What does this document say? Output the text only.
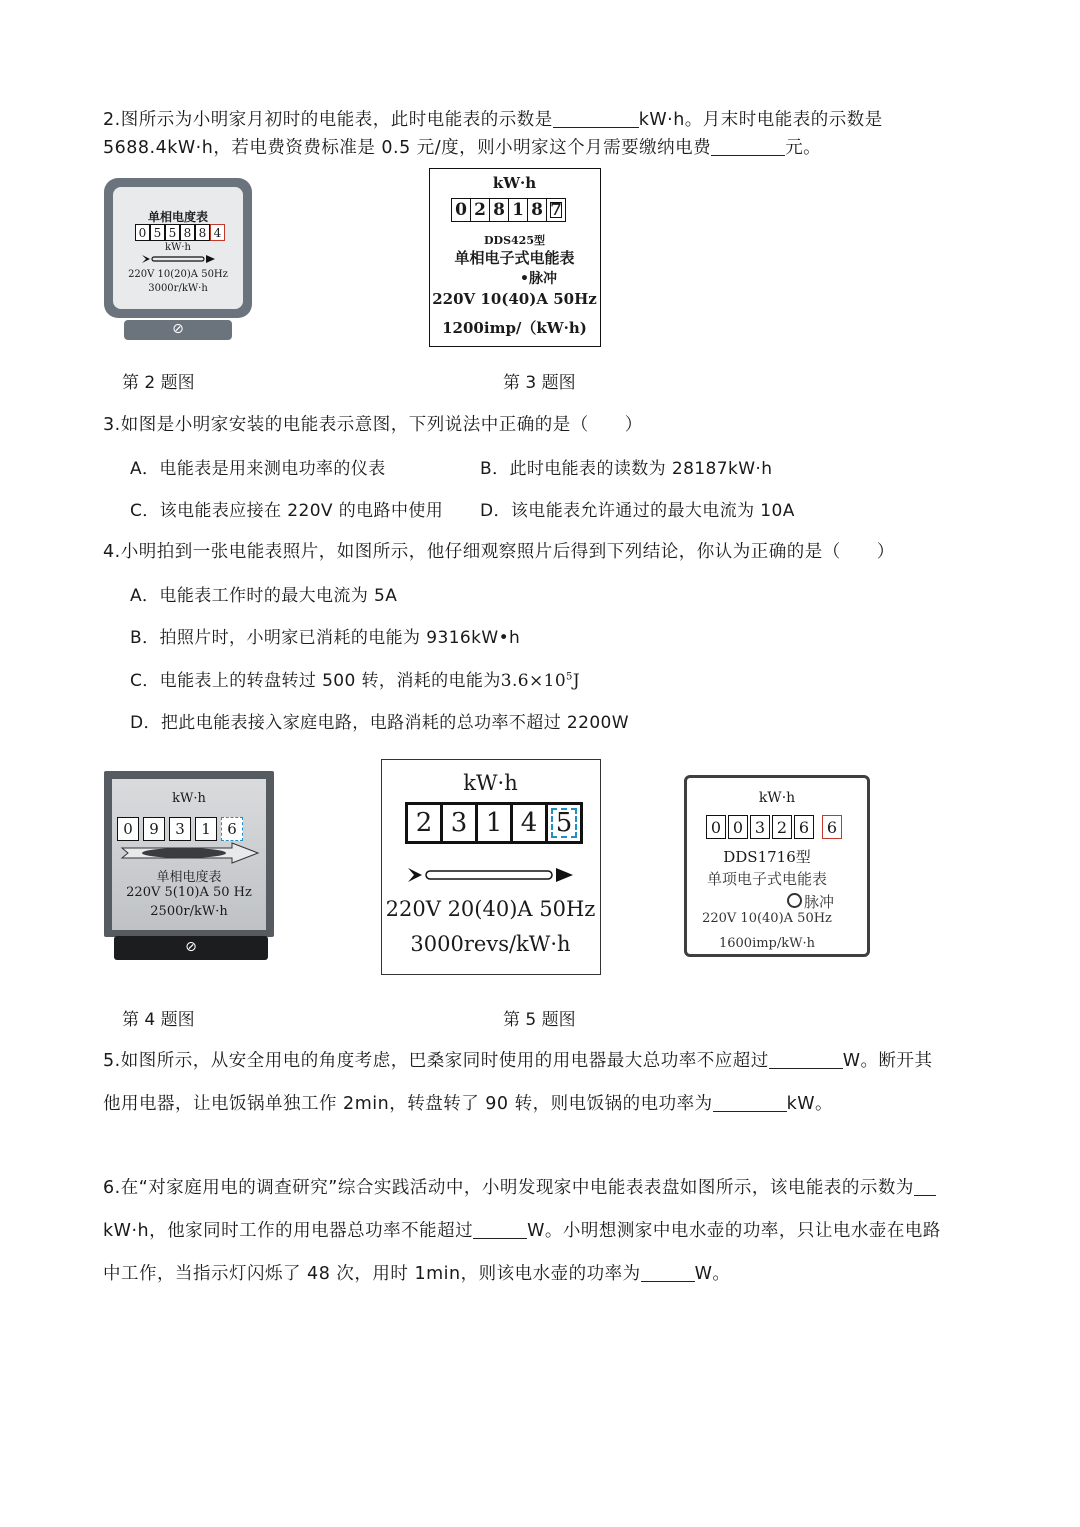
2.图所示为小明家月初时的电能表，此时电能表的示数是	kW·h。月末时电能表的示数是
5688.4kW·h，若电费资费标准是 0.5 元/度，则小明家这个月需要缴纳电费	元。
单相电度表
0 5 5 8 8 4
kW·h
220V 10(20)A 50Hz
3000r/kW·h
⊘
kW·h
0 2 8 1 8 7
DDS425型
单相电子式电能表
•脉冲
220V 10(40)A 50Hz
1200imp/（kW·h)
第 2 题图	第 3 题图
3.如图是小明家安装的电能表示意图，下列说法中正确的是（　　）
A．电能表是用来测电功率的仪表	B．此时电能表的读数为 28187kW·h
C．该电能表应接在 220V 的电路中使用 D．该电能表允许通过的最大电流为 10A
4.小明拍到一张电能表照片，如图所示，他仔细观察照片后得到下列结论，你认为正确的是（　　）
A．电能表工作时的最大电流为 5A
B．拍照片时，小明家已消耗的电能为 9316kW•h
C．电能表上的转盘转过 500 转，消耗的电能为$3.6\times 10^5J$
D．把此电能表接入家庭电路，电路消耗的总功率不超过 2200W
kW·h
0	9	3	1	6
单相电度表
220V 5(10)A 50 Hz
2500r/kW·h
⊘
kW·h
2 3 1 4 5
220V 20(40)A 50Hz
3000revs/kW·h
kW·h
0 0 3 2 6	6
DDS1716型
单项电子式电能表
脉冲
220V 10(40)A 50Hz
1600imp/kW·h
第 4 题图	第 5 题图
5.如图所示，从安全用电的角度考虑，巴桑家同时使用的用电器最大总功率不应超过	W。断开其
他用电器，让电饭锅单独工作 2min，转盘转了 90 转，则电饭锅的电功率为	kW。
6.在“对家庭用电的调查研究”综合实践活动中，小明发现家中电能表表盘如图所示，该电能表的示数为
kW·h，他家同时工作的用电器总功率不能超过	W。小明想测家中电水壶的功率，只让电水壶在电路
中工作，当指示灯闪烁了 48 次，用时 1min，则该电水壶的功率为	W。
